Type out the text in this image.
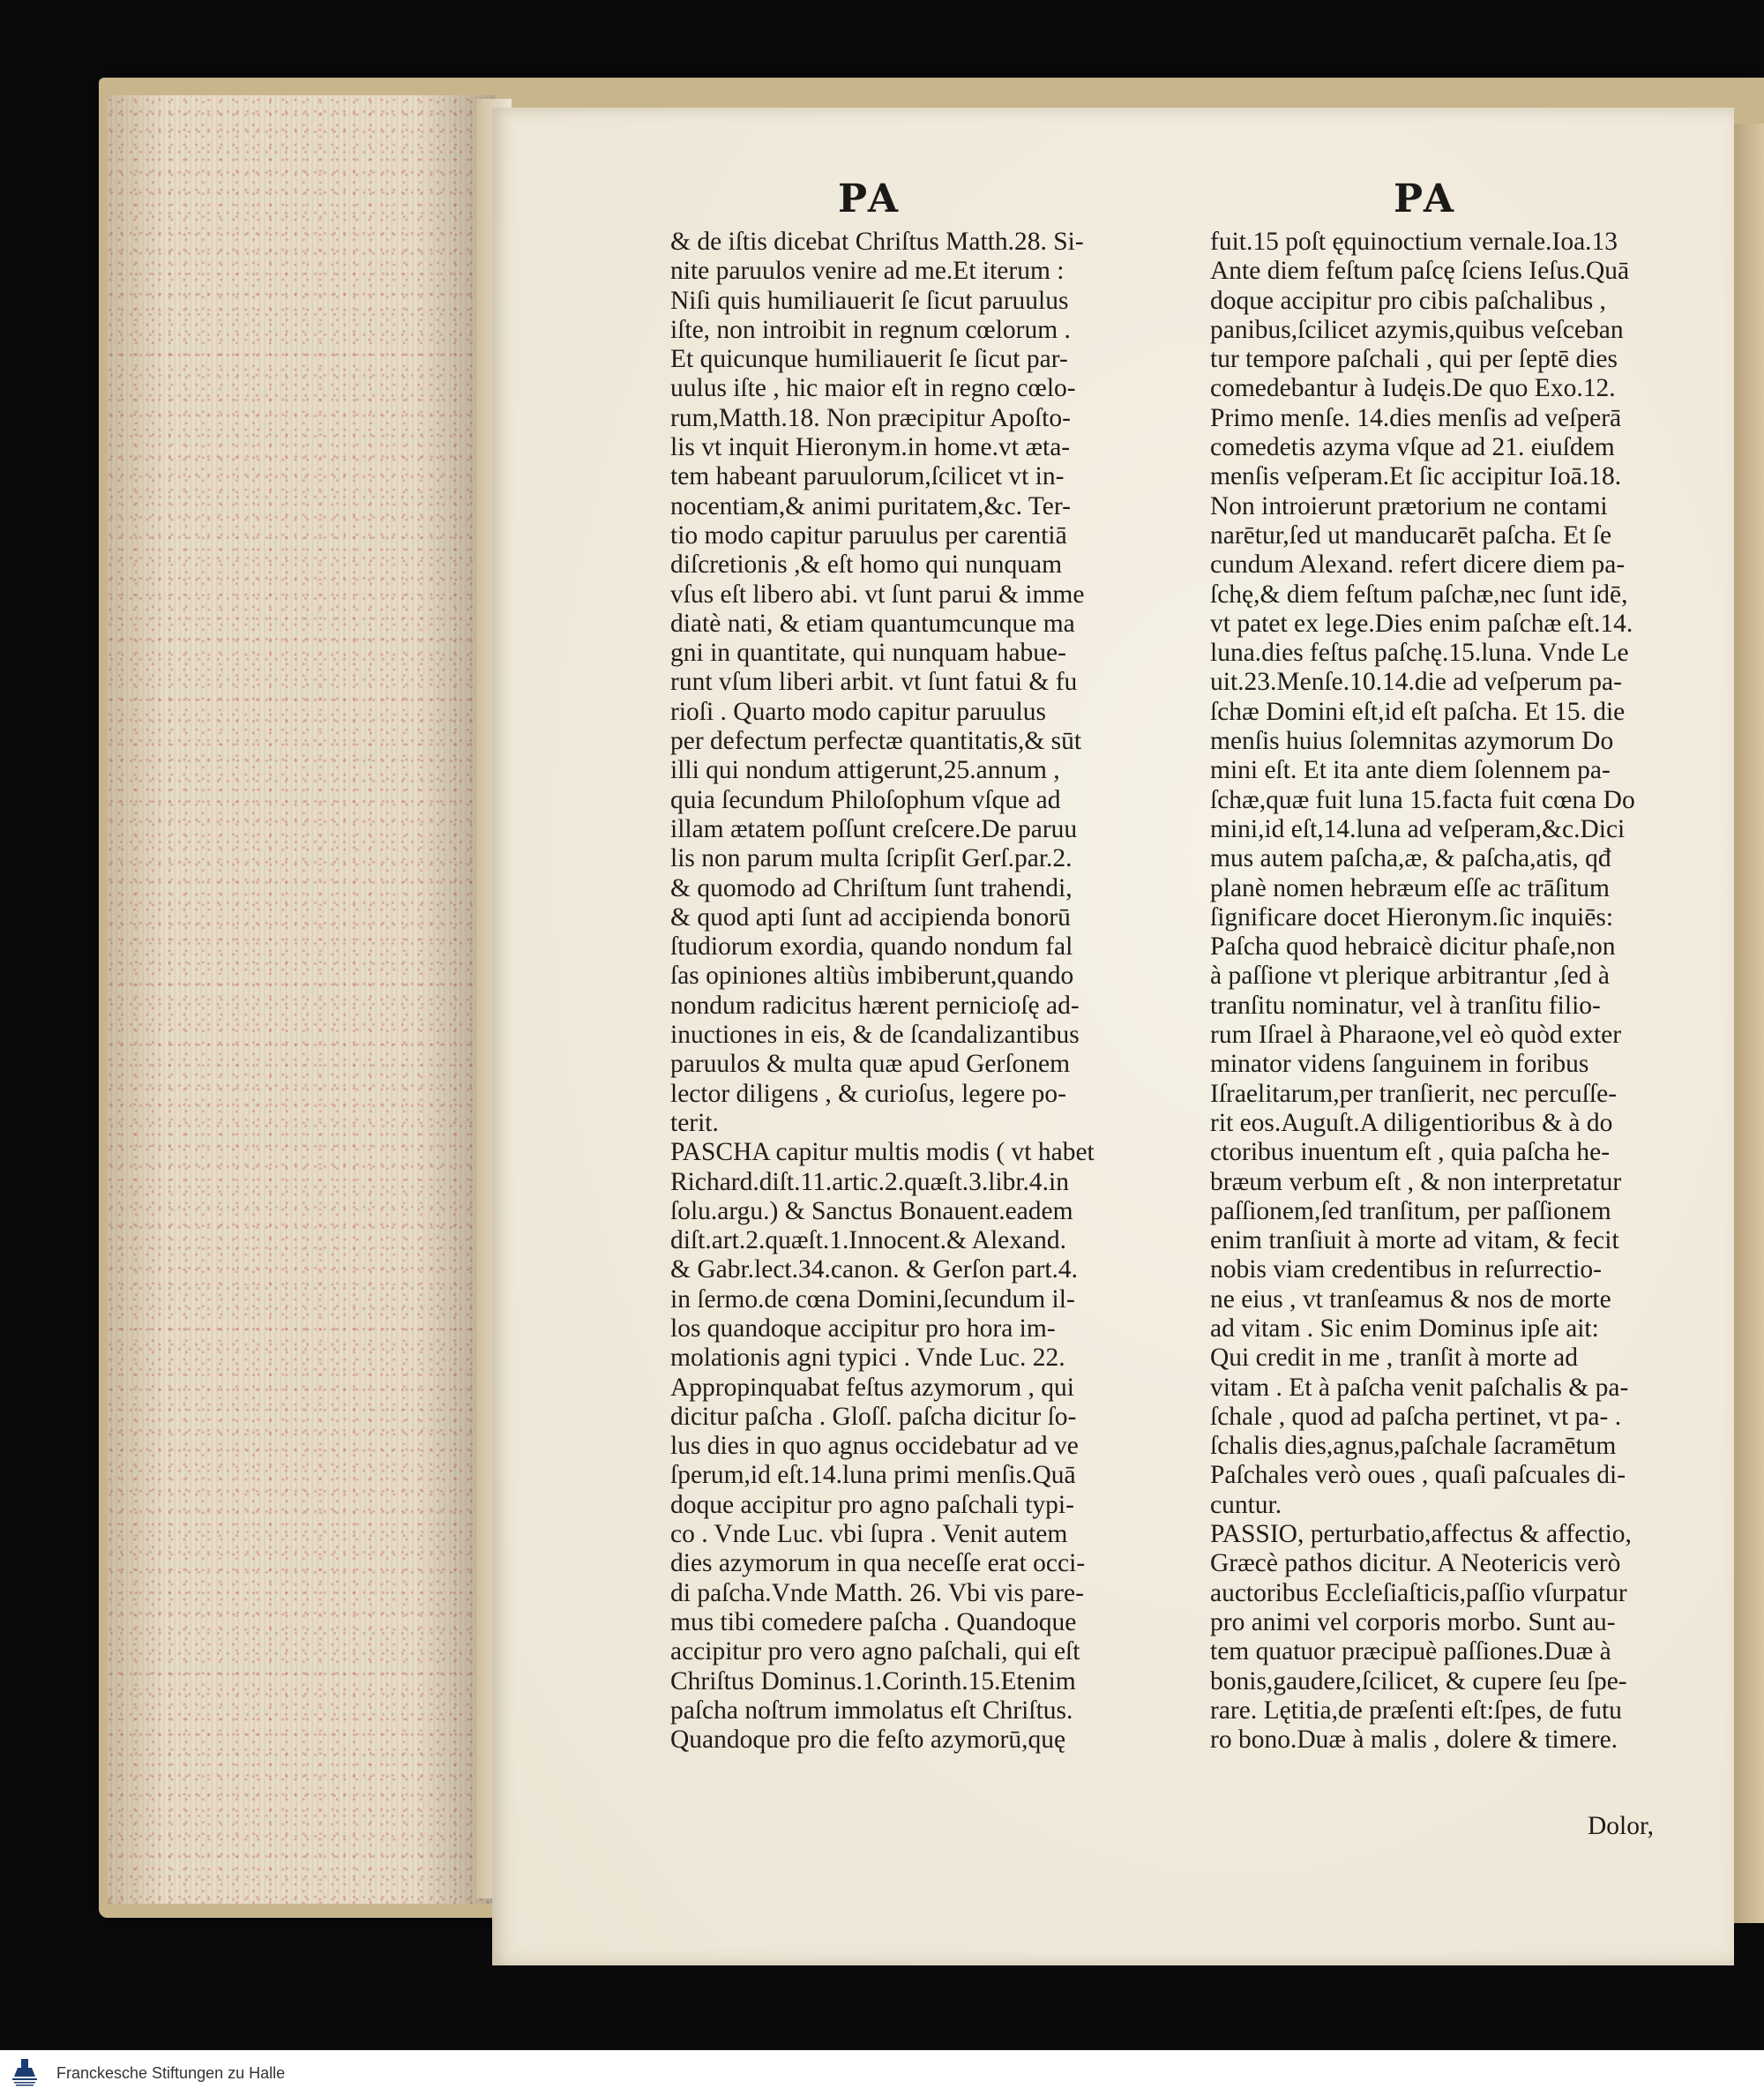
PA	PA
& de iſtis dicebat Chriſtus Matth.28. Si-
nite paruulos venire ad me.Et iterum :
Niſi quis humiliauerit ſe ſicut paruulus
iſte, non introibit in regnum cœlorum .
Et quicunque humiliauerit ſe ſicut par-
uulus iſte , hic maior eſt in regno cœlo-
rum,Matth.18. Non præcipitur Apoſto-
lis vt inquit Hieronym.in home.vt æta-
tem habeant paruulorum,ſcilicet vt in-
nocentiam,& animi puritatem,&c. Ter-
tio modo capitur paruulus per carentiā
diſcretionis ,& eſt homo qui nunquam
vſus eſt libero abi. vt ſunt parui & imme
diatè nati, & etiam quantumcunque ma
gni in quantitate, qui nunquam habue-
runt vſum liberi arbit. vt ſunt fatui & fu
rioſi . Quarto modo capitur paruulus
per defectum perfectæ quantitatis,& sūt
illi qui nondum attigerunt,25.annum ,
quia ſecundum Philoſophum vſque ad
illam ætatem poſſunt creſcere.De paruu
lis non parum multa ſcripſit Gerſ.par.2.
& quomodo ad Chriſtum ſunt trahendi,
& quod apti ſunt ad accipienda bonorū
ſtudiorum exordia, quando nondum fal
ſas opiniones altiùs imbiberunt,quando
nondum radicitus hærent pernicioſę ad-
inuctiones in eis, & de ſcandalizantibus
paruulos & multa quæ apud Gerſonem
lector diligens , & curioſus, legere po-
terit.
PASCHA capitur multis modis ( vt habet
Richard.diſt.11.artic.2.quæſt.3.libr.4.in
ſolu.argu.) & Sanctus Bonauent.eadem
diſt.art.2.quæſt.1.Innocent.& Alexand.
& Gabr.lect.34.canon. & Gerſon part.4.
in ſermo.de cœna Domini,ſecundum il-
los quandoque accipitur pro hora im-
molationis agni typici . Vnde Luc. 22.
Appropinquabat feſtus azymorum , qui
dicitur paſcha . Gloſſ. paſcha dicitur ſo-
lus dies in quo agnus occidebatur ad ve
ſperum,id eſt.14.luna primi menſis.Quā
doque accipitur pro agno paſchali typi-
co . Vnde Luc. vbi ſupra . Venit autem
dies azymorum in qua neceſſe erat occi-
di paſcha.Vnde Matth. 26. Vbi vis pare-
mus tibi comedere paſcha . Quandoque
accipitur pro vero agno paſchali, qui eſt
Chriſtus Dominus.1.Corinth.15.Etenim
paſcha noſtrum immolatus eſt Chriſtus.
Quandoque pro die feſto azymorū,quę
fuit.15 poſt ęquinoctium vernale.Ioa.13
Ante diem feſtum paſcę ſciens Ieſus.Quā
doque accipitur pro cibis paſchalibus ,
panibus,ſcilicet azymis,quibus veſceban
tur tempore paſchali , qui per ſeptē dies
comedebantur à Iudęis.De quo Exo.12.
Primo menſe. 14.dies menſis ad veſperā
comedetis azyma vſque ad 21. eiuſdem
menſis veſperam.Et ſic accipitur Ioā.18.
Non introierunt prætorium ne contami
narētur,ſed ut manducarēt paſcha. Et ſe
cundum Alexand. refert dicere diem pa-
ſchę,& diem feſtum paſchæ,nec ſunt idē,
vt patet ex lege.Dies enim paſchæ eſt.14.
luna.dies feſtus paſchę.15.luna. Vnde Le
uit.23.Menſe.10.14.die ad veſperum pa-
ſchæ Domini eſt,id eſt paſcha. Et 15. die
menſis huius ſolemnitas azymorum Do
mini eſt. Et ita ante diem ſolennem pa-
ſchæ,quæ fuit luna 15.facta fuit cœna Do
mini,id eſt,14.luna ad veſperam,&c.Dici
mus autem paſcha,æ, & paſcha,atis, qđ
planè nomen hebræum eſſe ac trāſitum
ſignificare docet Hieronym.ſic inquiēs:
Paſcha quod hebraicè dicitur phaſe,non
à paſſione vt plerique arbitrantur ,ſed à
tranſitu nominatur, vel à tranſitu filio-
rum Iſrael à Pharaone,vel eò quòd exter
minator videns ſanguinem in foribus
Iſraelitarum,per tranſierit, nec percuſſe-
rit eos.Auguſt.A diligentioribus & à do
ctoribus inuentum eſt , quia paſcha he-
bræum verbum eſt , & non interpretatur
paſſionem,ſed tranſitum, per paſſionem
enim tranſiuit à morte ad vitam, & fecit
nobis viam credentibus in reſurrectio-
ne eius , vt tranſeamus & nos de morte
ad vitam . Sic enim Dominus ipſe ait:
Qui credit in me , tranſit à morte ad
vitam . Et à paſcha venit paſchalis & pa-
ſchale , quod ad paſcha pertinet, vt pa- .
ſchalis dies,agnus,paſchale ſacramētum
Paſchales verò oues , quaſi paſcuales di-
cuntur.
PASSIO, perturbatio,affectus & affectio,
Græcè pathos dicitur. A Neotericis verò
auctoribus Eccleſiaſticis,paſſio vſurpatur
pro animi vel corporis morbo. Sunt au-
tem quatuor præcipuè paſſiones.Duæ à
bonis,gaudere,ſcilicet, & cupere ſeu ſpe-
rare. Lętitia,de præſenti eſt:ſpes, de futu
ro bono.Duæ à malis , dolere & timere.
Dolor,
Franckesche Stiftungen zu Halle
